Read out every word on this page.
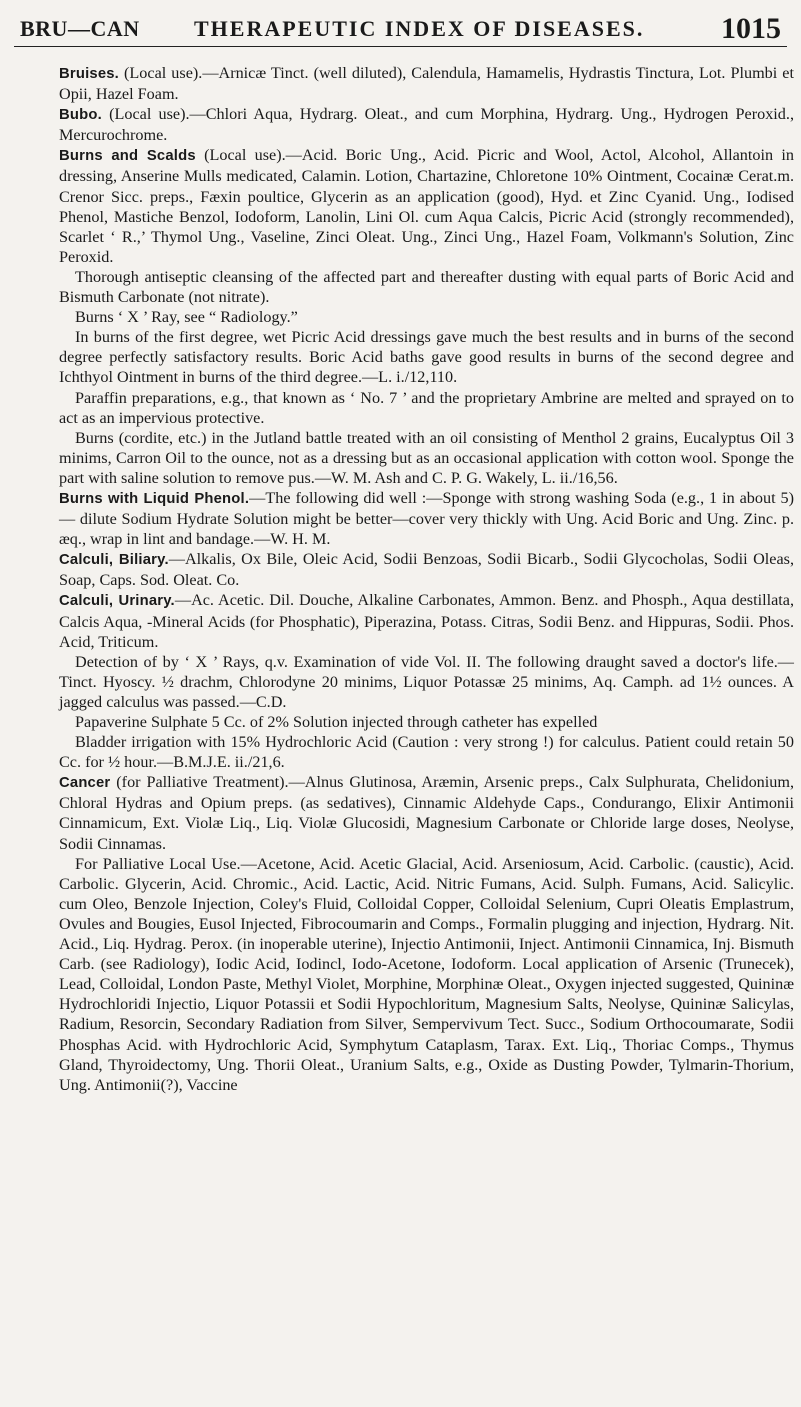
BRU—CAN THERAPEUTIC INDEX OF DISEASES.	1015

Bruises. (Local use).—Arnicæ Tinct. (well diluted), Calendula, Hamamelis, Hydrastis Tinctura, Lot. Plumbi et Opii, Hazel Foam.

Bubo. (Local use).—Chlori Aqua, Hydrarg. Oleat., and cum Morphina, Hydrarg. Ung., Hydrogen Peroxid., Mercurochrome.

Burns and Scalds (Local use).—Acid. Boric Ung., Acid. Picric and Wool, Actol, Alcohol, Allantoin in dressing, Anserine Mulls medicated, Calamin. Lotion, Chartazine, Chloretone 10% Ointment, Cocainæ Cerat.m. Crenor Sicc. preps., Fæxin poultice, Glycerin as an application (good), Hyd. et Zinc Cyanid. Ung., Iodised Phenol, Mastiche Benzol, Iodoform, Lanolin, Lini Ol. cum Aqua Calcis, Picric Acid (strongly recommended), Scarlet ‘ R.,’ Thymol Ung., Vaseline, Zinci Oleat. Ung., Zinci Ung., Hazel Foam, Volkmann's Solution, Zinc Peroxid.

Thorough antiseptic cleansing of the affected part and thereafter dusting with equal parts of Boric Acid and Bismuth Carbonate (not nitrate).

Burns ‘ X ’ Ray, see “ Radiology.”

In burns of the first degree, wet Picric Acid dressings gave much the best results and in burns of the second degree perfectly satisfactory results. Boric Acid baths gave good results in burns of the second degree and Ichthyol Ointment in burns of the third degree.—L. i./12,110.

Paraffin preparations, e.g., that known as ‘ No. 7 ’ and the proprietary Ambrine are melted and sprayed on to act as an impervious protective.

Burns (cordite, etc.) in the Jutland battle treated with an oil consisting of Menthol 2 grains, Eucalyptus Oil 3 minims, Carron Oil to the ounce, not as a dressing but as an occasional application with cotton wool. Sponge the part with saline solution to remove pus.—W. M. Ash and C. P. G. Wakely, L. ii./16,56.

Burns with Liquid Phenol.—The following did well :—Sponge with strong washing Soda (e.g., 1 in about 5)— dilute Sodium Hydrate Solution might be better—cover very thickly with Ung. Acid Boric and Ung. Zinc. p. æq., wrap in lint and bandage.—W. H. M.

Calculi, Biliary.—Alkalis, Ox Bile, Oleic Acid, Sodii Benzoas, Sodii Bicarb., Sodii Glycocholas, Sodii Oleas, Soap, Caps. Sod. Oleat. Co.

Calculi, Urinary.—Ac. Acetic. Dil. Douche, Alkaline Carbonates, Ammon. Benz. and Phosph., Aqua destillata, Calcis Aqua, -Mineral Acids (for Phosphatic), Piperazina, Potass. Citras, Sodii Benz. and Hippuras, Sodii. Phos. Acid, Triticum.

Detection of by ‘ X ’ Rays, q.v. Examination of vide Vol. II. The following draught saved a doctor's life.—Tinct. Hyoscy. ½ drachm, Chlorodyne 20 minims, Liquor Potassæ 25 minims, Aq. Camph. ad 1½ ounces. A jagged calculus was passed.—C.D.

Papaverine Sulphate 5 Cc. of 2% Solution injected through catheter has expelled

Bladder irrigation with 15% Hydrochloric Acid (Caution : very strong !) for calculus. Patient could retain 50 Cc. for ½ hour.—B.M.J.E. ii./21,6.

Cancer (for Palliative Treatment).—Alnus Glutinosa, Aræmin, Arsenic preps., Calx Sulphurata, Chelidonium, Chloral Hydras and Opium preps. (as sedatives), Cinnamic Aldehyde Caps., Condurango, Elixir Antimonii Cinnamicum, Ext. Violæ Liq., Liq. Violæ Glucosidi, Magnesium Carbonate or Chloride large doses, Neolyse, Sodii Cinnamas.

For Palliative Local Use.—Acetone, Acid. Acetic Glacial, Acid. Arseniosum, Acid. Carbolic. (caustic), Acid. Carbolic. Glycerin, Acid. Chromic., Acid. Lactic, Acid. Nitric Fumans, Acid. Sulph. Fumans, Acid. Salicylic. cum Oleo, Benzole Injection, Coley's Fluid, Colloidal Copper, Colloidal Selenium, Cupri Oleatis Emplastrum, Ovules and Bougies, Eusol Injected, Fibrocoumarin and Comps., Formalin plugging and injection, Hydrarg. Nit. Acid., Liq. Hydrag. Perox. (in inoperable uterine), Injectio Antimonii, Inject. Antimonii Cinnamica, Inj. Bismuth Carb. (see Radiology), Iodic Acid, Iodincl, Iodo-Acetone, Iodoform. Local application of Arsenic (Trunecek), Lead, Colloidal, London Paste, Methyl Violet, Morphine, Morphinæ Oleat., Oxygen injected suggested, Quininæ Hydrochloridi Injectio, Liquor Potassii et Sodii Hypochloritum, Magnesium Salts, Neolyse, Quininæ Salicylas, Radium, Resorcin, Secondary Radiation from Silver, Sempervivum Tect. Succ., Sodium Orthocoumarate, Sodii Phosphas Acid. with Hydrochloric Acid, Symphytum Cataplasm, Tarax. Ext. Liq., Thoriac Comps., Thymus Gland, Thyroidectomy, Ung. Thorii Oleat., Uranium Salts, e.g., Oxide as Dusting Powder, Tylmarin-Thorium, Ung. Antimonii(?), Vaccine
